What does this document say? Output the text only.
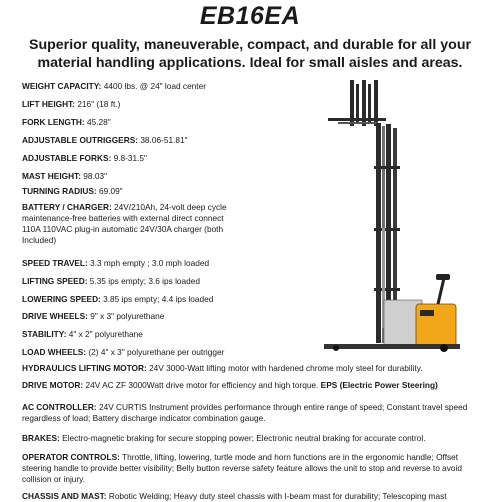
EB16EA
Superior quality, maneuverable, compact, and durable for all your material handling applications. Ideal for small aisles and areas.
WEIGHT CAPACITY: 4400 lbs. @ 24" load center
LIFT HEIGHT: 216" (18 ft.)
FORK LENGTH: 45.28"
ADJUSTABLE OUTRIGGERS: 38.06-51.81"
ADJUSTABLE FORKS: 9.8-31.5"
MAST HEIGHT: 98.03"
TURNING RADIUS: 69.09"
BATTERY / CHARGER: 24V/210Ah, 24-volt deep cycle maintenance-free batteries with external direct connect 110A 110VAC plug-in automatic 24V/30A charger (both Included)
SPEED TRAVEL: 3.3 mph empty ; 3.0 mph loaded
LIFTING SPEED: 5.35 ips empty; 3.6 ips loaded
LOWERING SPEED: 3.85 ips empty; 4.4 ips loaded
DRIVE WHEELS: 9" x 3" polyurethane
STABILITY: 4" x 2" polyurethane
LOAD WHEELS: (2) 4" x 3" polyurethane per outrigger
HYDRAULICS LIFTING MOTOR: 24V 3000-Watt lifting motor with hardened chrome moly steel for durability.
DRIVE MOTOR: 24V AC ZF 3000Watt drive motor for efficiency and high torque. EPS (Electric Power Steering)
AC CONTROLLER: 24V CURTIS Instrument provides performance through entire range of speed; Constant travel speed regardless of load; Battery discharge indicator combination gauge.
BRAKES: Electro-magnetic braking for secure stopping power; Electronic neutral braking for accurate control.
OPERATOR CONTROLS: Throttle, lifting, lowering, turtle mode and horn functions are in the ergonomic handle; Offset steering handle to provide better visibility; Belly button reverse safety feature allows the unit to stop and reverse to avoid collision or injury.
CHASSIS AND MAST: Robotic Welding; Heavy duty steel chassis with I-beam mast for durability; Telescoping mast
